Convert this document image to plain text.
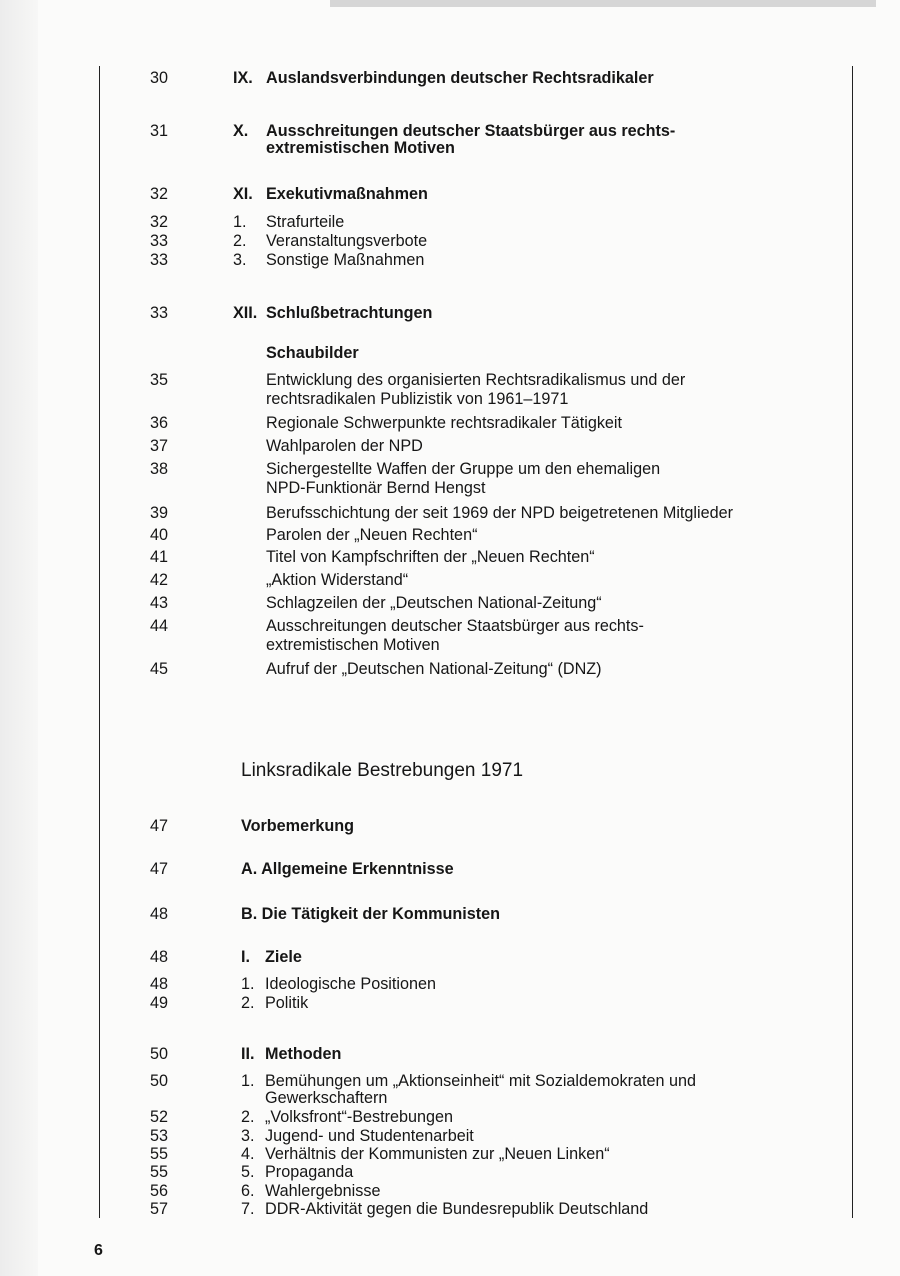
30	IX. Auslandsverbindungen deutscher Rechtsradikaler
31	X. Ausschreitungen deutscher Staatsbürger aus rechts-
extremistischen Motiven
32	XI. Exekutivmaßnahmen
32	1. Strafurteile
33	2. Veranstaltungsverbote
33	3. Sonstige Maßnahmen
33	XII. Schlußbetrachtungen
Schaubilder
35	Entwicklung des organisierten Rechtsradikalismus und der
rechtsradikalen Publizistik von 1961–1971
36	Regionale Schwerpunkte rechtsradikaler Tätigkeit
37	Wahlparolen der NPD
38	Sichergestellte Waffen der Gruppe um den ehemaligen
NPD-Funktionär Bernd Hengst
39	Berufsschichtung der seit 1969 der NPD beigetretenen Mitglieder
40	Parolen der „Neuen Rechten“
41	Titel von Kampfschriften der „Neuen Rechten“
42	„Aktion Widerstand“
43	Schlagzeilen der „Deutschen National-Zeitung“
44	Ausschreitungen deutscher Staatsbürger aus rechts-
extremistischen Motiven
45	Aufruf der „Deutschen National-Zeitung“ (DNZ)
Linksradikale Bestrebungen 1971
47	Vorbemerkung
47	A. Allgemeine Erkenntnisse
48	B. Die Tätigkeit der Kommunisten
48	I. Ziele
48	1. Ideologische Positionen
49	2. Politik
50	II. Methoden
50	1. Bemühungen um „Aktionseinheit“ mit Sozialdemokraten und
Gewerkschaftern
52	2. „Volksfront“-Bestrebungen
53	3. Jugend- und Studentenarbeit
55	4. Verhältnis der Kommunisten zur „Neuen Linken“
55	5. Propaganda
56	6. Wahlergebnisse
57	7. DDR-Aktivität gegen die Bundesrepublik Deutschland
6
